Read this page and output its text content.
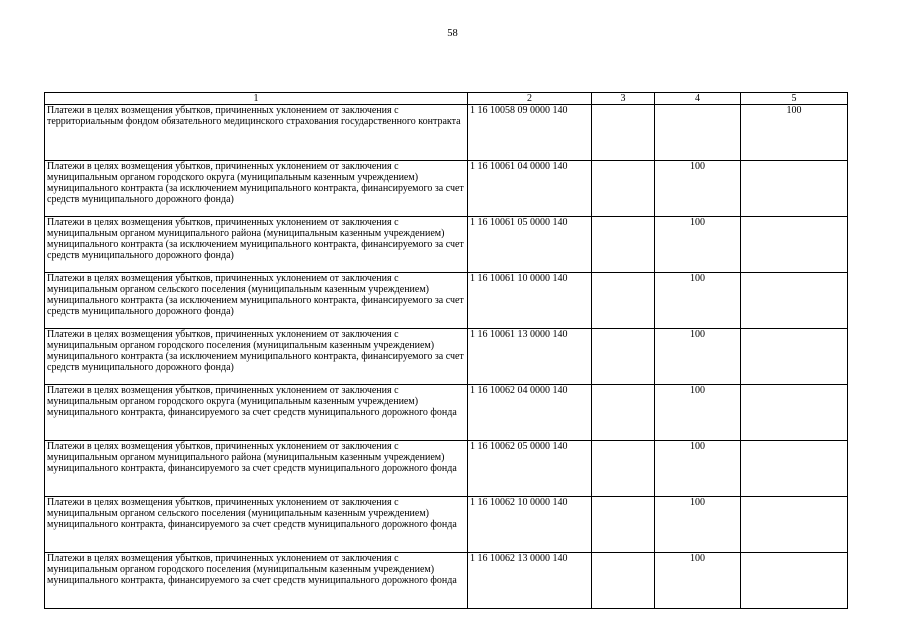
58
1	2	3	4	5
Платежи в целях возмещения убытков, причиненных уклонением от заключения с территориальным фондом обязательного медицинского страхования государственного контракта	1 16 10058 09 0000 140			100
Платежи в целях возмещения убытков, причиненных уклонением от заключения с муниципальным органом городского округа (муниципальным казенным учреждением) муниципального контракта (за исключением муниципального контракта, финансируемого за счет средств муниципального дорожного фонда)	1 16 10061 04 0000 140		100	
Платежи в целях возмещения убытков, причиненных уклонением от заключения с муниципальным органом муниципального района (муниципальным казенным учреждением) муниципального контракта (за исключением муниципального контракта, финансируемого за счет средств муниципального дорожного фонда)	1 16 10061 05 0000 140		100	
Платежи в целях возмещения убытков, причиненных уклонением от заключения с муниципальным органом сельского поселения (муниципальным казенным учреждением) муниципального контракта (за исключением муниципального контракта, финансируемого за счет средств муниципального дорожного фонда)	1 16 10061 10 0000 140		100	
Платежи в целях возмещения убытков, причиненных уклонением от заключения с муниципальным органом городского поселения (муниципальным казенным учреждением) муниципального контракта (за исключением муниципального контракта, финансируемого за счет средств муниципального дорожного фонда)	1 16 10061 13 0000 140		100	
Платежи в целях возмещения убытков, причиненных уклонением от заключения с муниципальным органом городского округа (муниципальным казенным учреждением) муниципального контракта, финансируемого за счет средств муниципального дорожного фонда	1 16 10062 04 0000 140		100	
Платежи в целях возмещения убытков, причиненных уклонением от заключения с муниципальным органом муниципального района (муниципальным казенным учреждением) муниципального контракта, финансируемого за счет средств муниципального дорожного фонда	1 16 10062 05 0000 140		100	
Платежи в целях возмещения убытков, причиненных уклонением от заключения с муниципальным органом сельского поселения (муниципальным казенным учреждением) муниципального контракта, финансируемого за счет средств муниципального дорожного фонда	1 16 10062 10 0000 140		100	
Платежи в целях возмещения убытков, причиненных уклонением от заключения с муниципальным органом городского поселения (муниципальным казенным учреждением) муниципального контракта, финансируемого за счет средств муниципального дорожного фонда	1 16 10062 13 0000 140		100	
